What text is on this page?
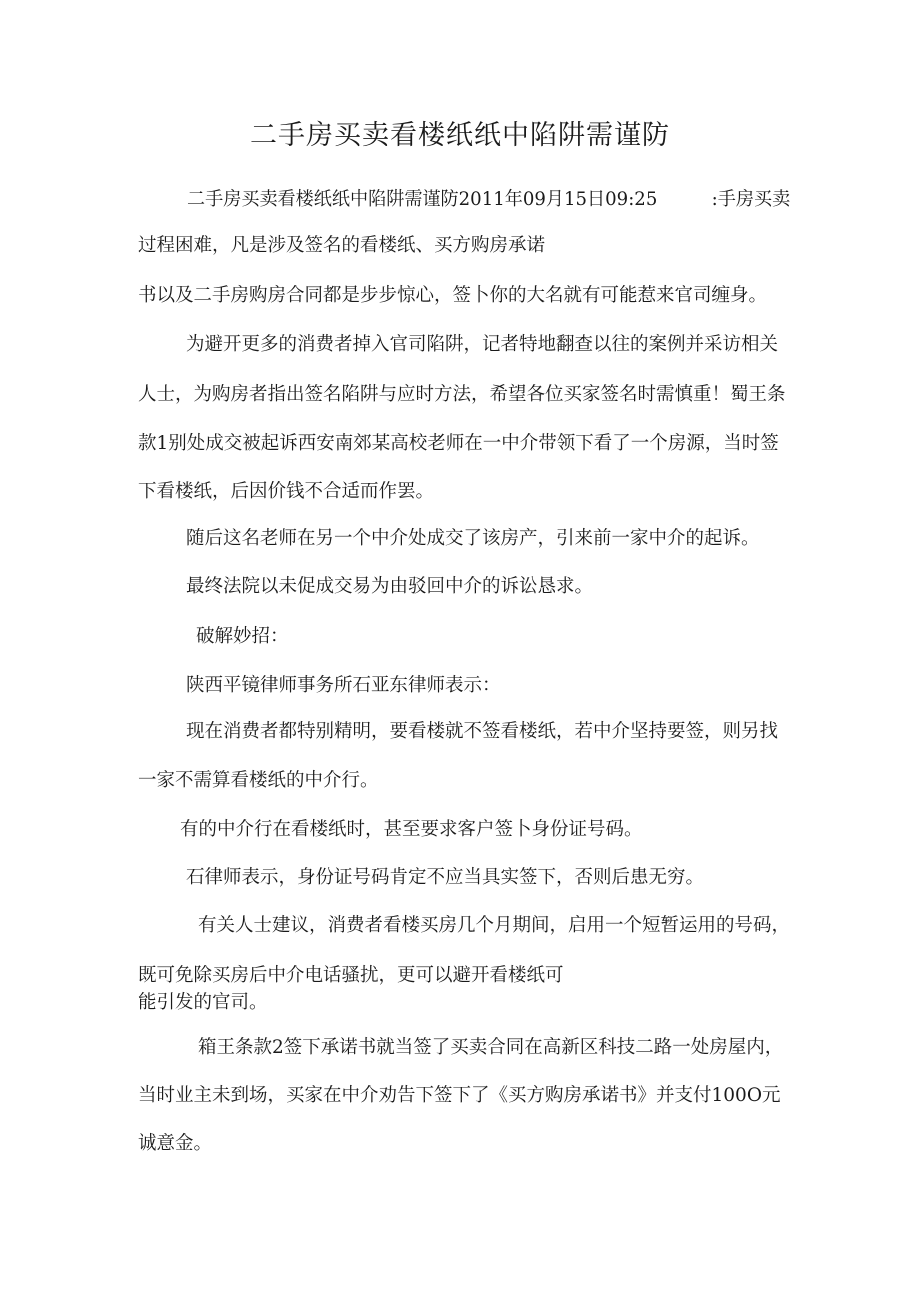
二手房买卖看楼纸纸中陷阱需谨防
二手房买卖看楼纸纸中陷阱需谨防2011年09月15日09:25　　　:手房买卖
过程困难，凡是涉及签名的看楼纸、买方购房承诺
书以及二手房购房合同都是步步惊心，签卜你的大名就有可能惹来官司缠身。
为避开更多的消费者掉入官司陷阱，记者特地翻查以往的案例并采访相关
人士，为购房者指出签名陷阱与应时方法，希望各位买家签名时需慎重！蜀王条
款1别处成交被起诉西安南郊某高校老师在一中介带领下看了一个房源，当时签
下看楼纸，后因价钱不合适而作罢。
随后这名老师在另一个中介处成交了该房产，引来前一家中介的起诉。
最终法院以未促成交易为由驳回中介的诉讼恳求。
破解妙招：
陕西平镜律师事务所石亚东律师表示：
现在消费者都特别精明，要看楼就不签看楼纸，若中介坚持要签，则另找
一家不需算看楼纸的中介行。
有的中介行在看楼纸时，甚至要求客户签卜身份证号码。
石律师表示，身份证号码肯定不应当具实签下，否则后患无穷。
有关人士建议，消费者看楼买房几个月期间，启用一个短暂运用的号码，
既可免除买房后中介电话骚扰，更可以避开看楼纸可
能引发的官司。
箱王条款2签下承诺书就当签了买卖合同在高新区科技二路一处房屋内，
当时业主未到场，买家在中介劝告下签下了《买方购房承诺书》并支付100O元
诚意金。
